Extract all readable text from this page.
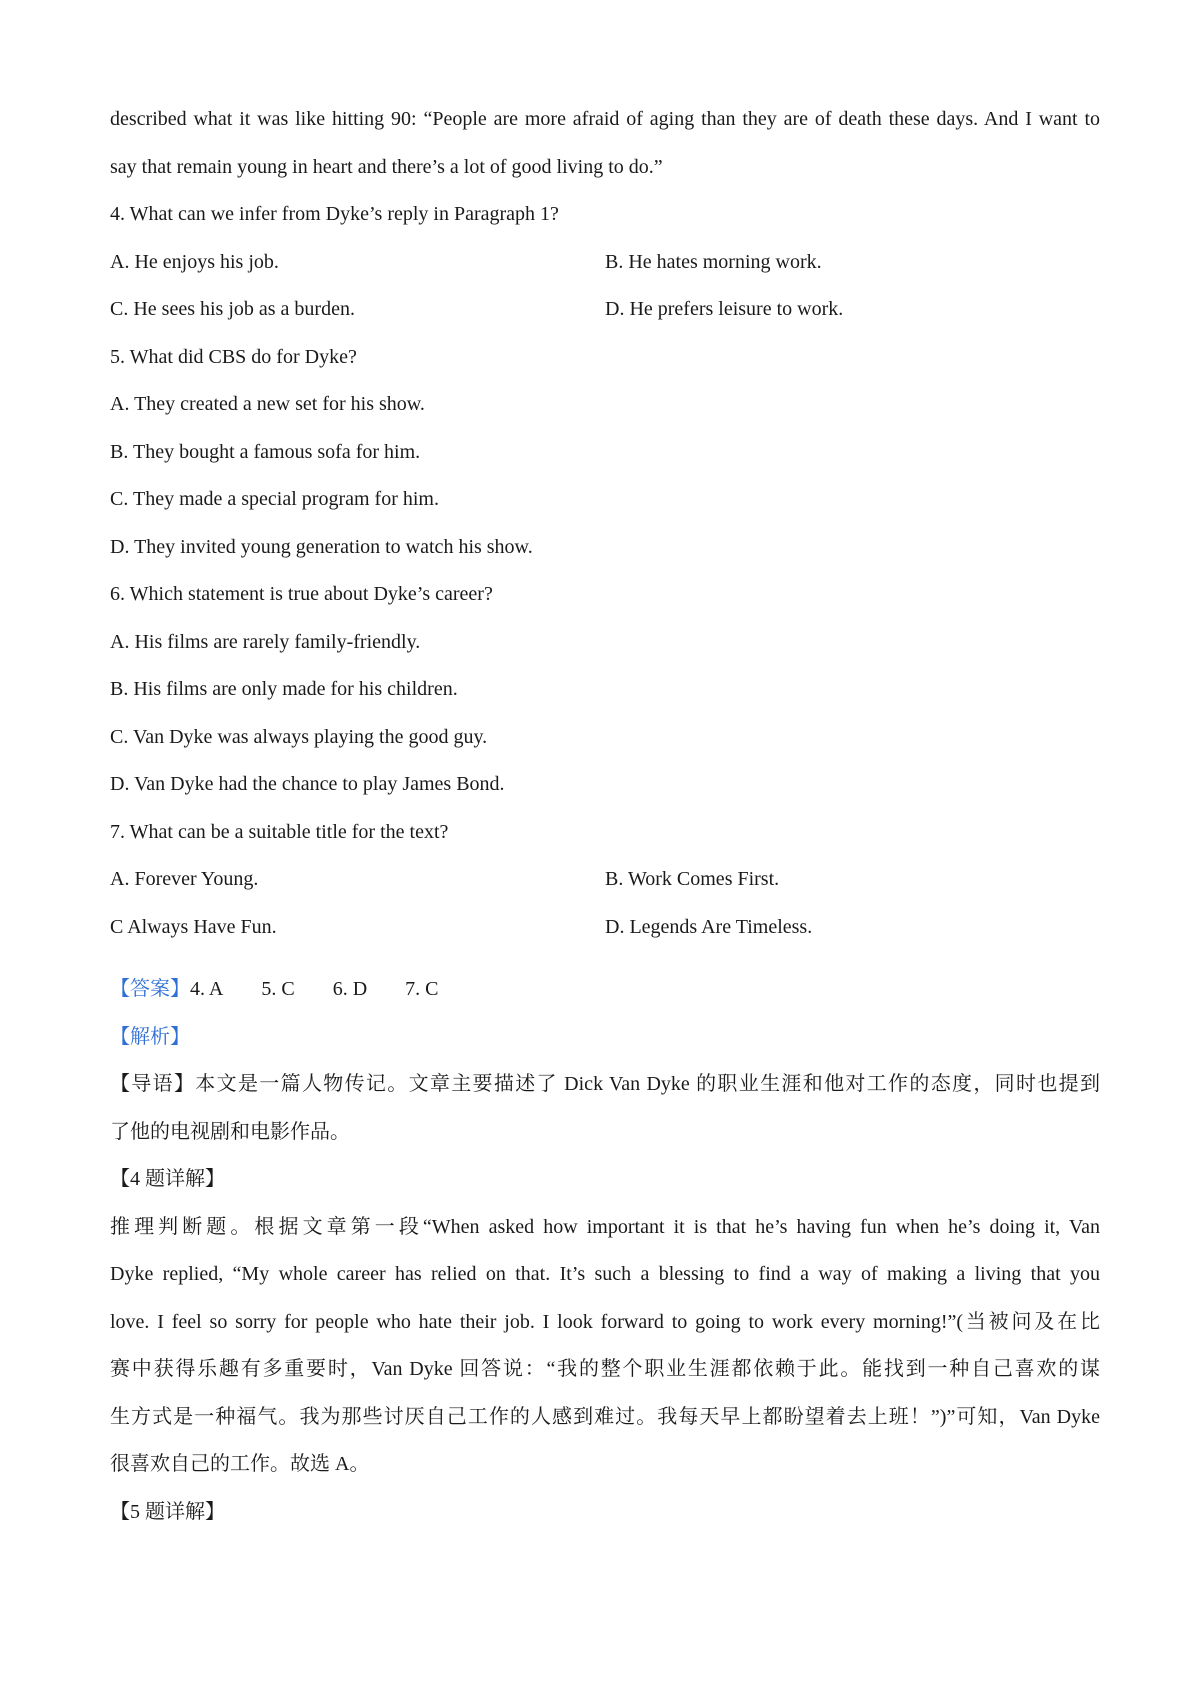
described what it was like hitting 90: “People are more afraid of aging than they are of death these days. And I want to
say that remain young in heart and there’s a lot of good living to do.”
4. What can we infer from Dyke’s reply in Paragraph 1?
A. He enjoys his job.	B. He hates morning work.
C. He sees his job as a burden.	D. He prefers leisure to work.
5. What did CBS do for Dyke?
A. They created a new set for his show.
B. They bought a famous sofa for him.
C. They made a special program for him.
D. They invited young generation to watch his show.
6. Which statement is true about Dyke’s career?
A. His films are rarely family-friendly.
B. His films are only made for his children.
C. Van Dyke was always playing the good guy.
D. Van Dyke had the chance to play James Bond.
7. What can be a suitable title for the text?
A. Forever Young.	B. Work Comes First.
C Always Have Fun.	D. Legends Are Timeless.
【答案】4. A 5. C 6. D 7. C
【解析】
【导语】本文是一篇人物传记。文章主要描述了 Dick Van Dyke 的职业生涯和他对工作的态度，同时也提到
了他的电视剧和电影作品。
【4 题详解】
推理判断题。根据文章第一段“When asked how important it is that he’s having fun when he’s doing it, Van
Dyke replied, “My whole career has relied on that. It’s such a blessing to find a way of making a living that you
love. I feel so sorry for people who hate their job. I look forward to going to work every morning!”(当被问及在比
赛中获得乐趣有多重要时，Van Dyke 回答说：“我的整个职业生涯都依赖于此。能找到一种自己喜欢的谋
生方式是一种福气。我为那些讨厌自己工作的人感到难过。我每天早上都盼望着去上班！”)”可知，Van Dyke
很喜欢自己的工作。故选 A。
【5 题详解】
